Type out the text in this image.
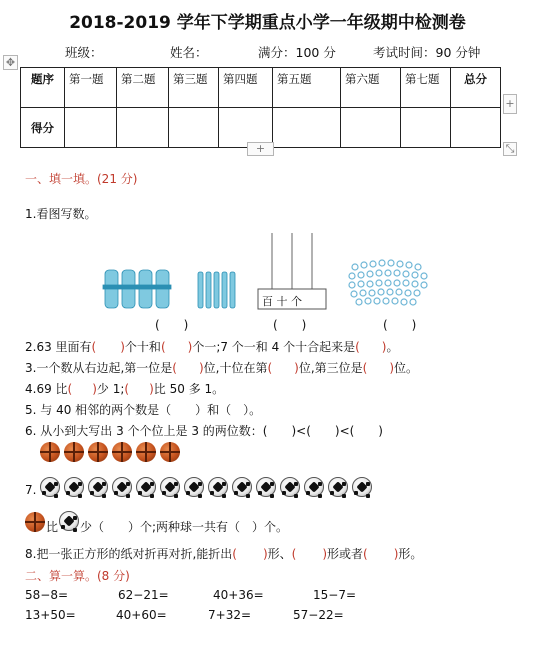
2018-2019 学年下学期重点小学一年级期中检测卷
班级：	姓名：	满分：100 分	考试时间：90 分钟
✥
题序	第一题	第二题	第三题	第四题	第五题	第六题	第七题	总分
得分								
+
+	⤡
一、填一填。(21 分)
1.看图写数。
百 十 个
(　　)	(　　)	(　　)
2.63 里面有( )个十和( )个一;7 个一和 4 个十合起来是( )。
3.一个数从右边起,第一位是( )位,十位在第( )位,第三位是( )位。
4.69 比( )少 1;( )比 50 多 1。
5. 与 40 相邻的两个数是（　　）和（　）。
6. 从小到大写出 3 个个位上是 3 的两位数：(　　)<(　　)<(　　)
7.
比 少（　　）个;两种球一共有（　）个。
8.把一张正方形的纸对折再对折,能折出( )形、( )形或者( )形。
二、算一算。(8 分)
58−8=	62−21=	40+36=	15−7=
13+50=	40+60=	7+32=	57−22=
